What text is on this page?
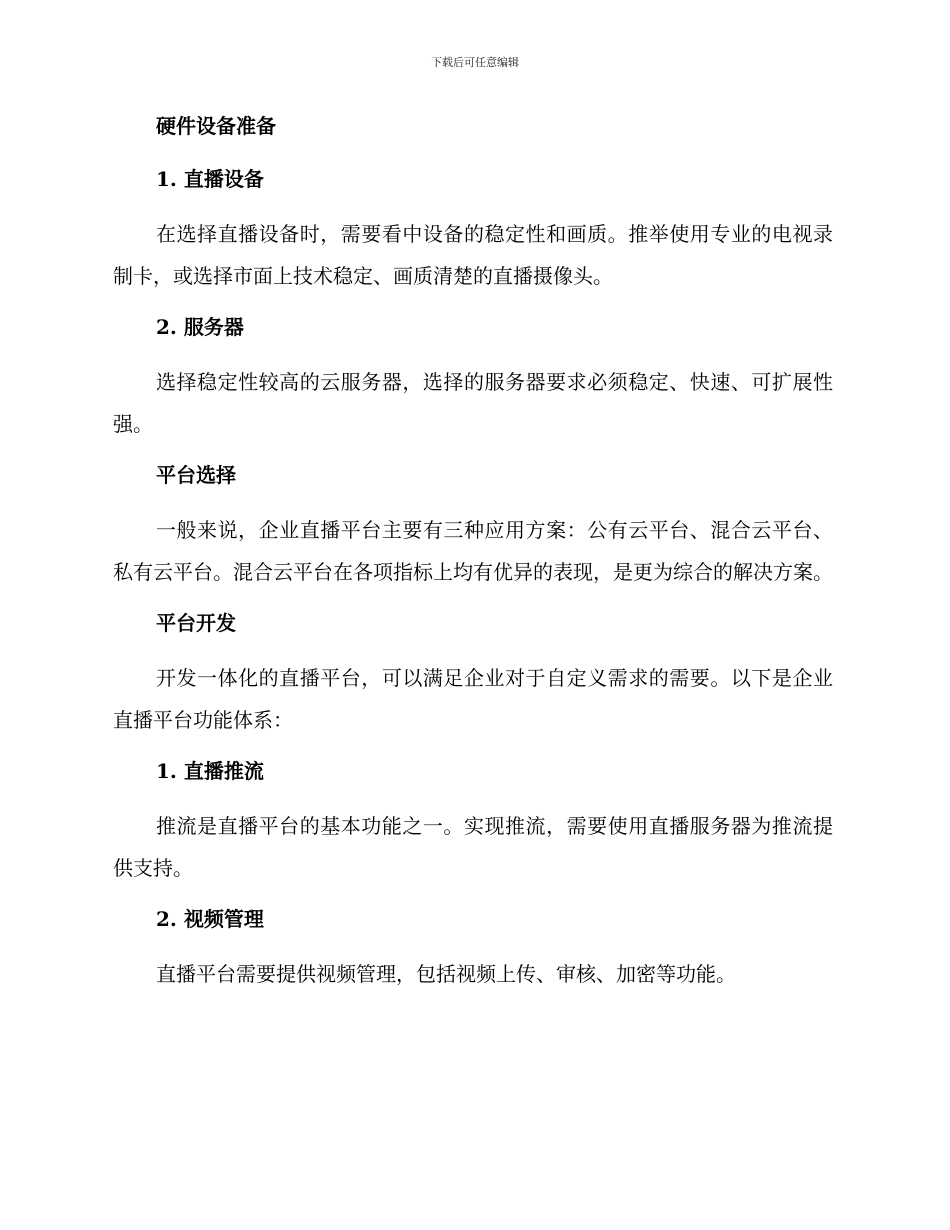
下载后可任意编辑
硬件设备准备
1. 直播设备

在选择直播设备时，需要看中设备的稳定性和画质。推举使用专业的电视录制卡，或选择市面上技术稳定、画质清楚的直播摄像头。

2. 服务器

选择稳定性较高的云服务器，选择的服务器要求必须稳定、快速、可扩展性强。

平台选择

一般来说，企业直播平台主要有三种应用方案：公有云平台、混合云平台、私有云平台。混合云平台在各项指标上均有优异的表现，是更为综合的解决方案。

平台开发

开发一体化的直播平台，可以满足企业对于自定义需求的需要。以下是企业直播平台功能体系：

1. 直播推流

推流是直播平台的基本功能之一。实现推流，需要使用直播服务器为推流提供支持。

2. 视频管理

直播平台需要提供视频管理，包括视频上传、审核、加密等功能。
